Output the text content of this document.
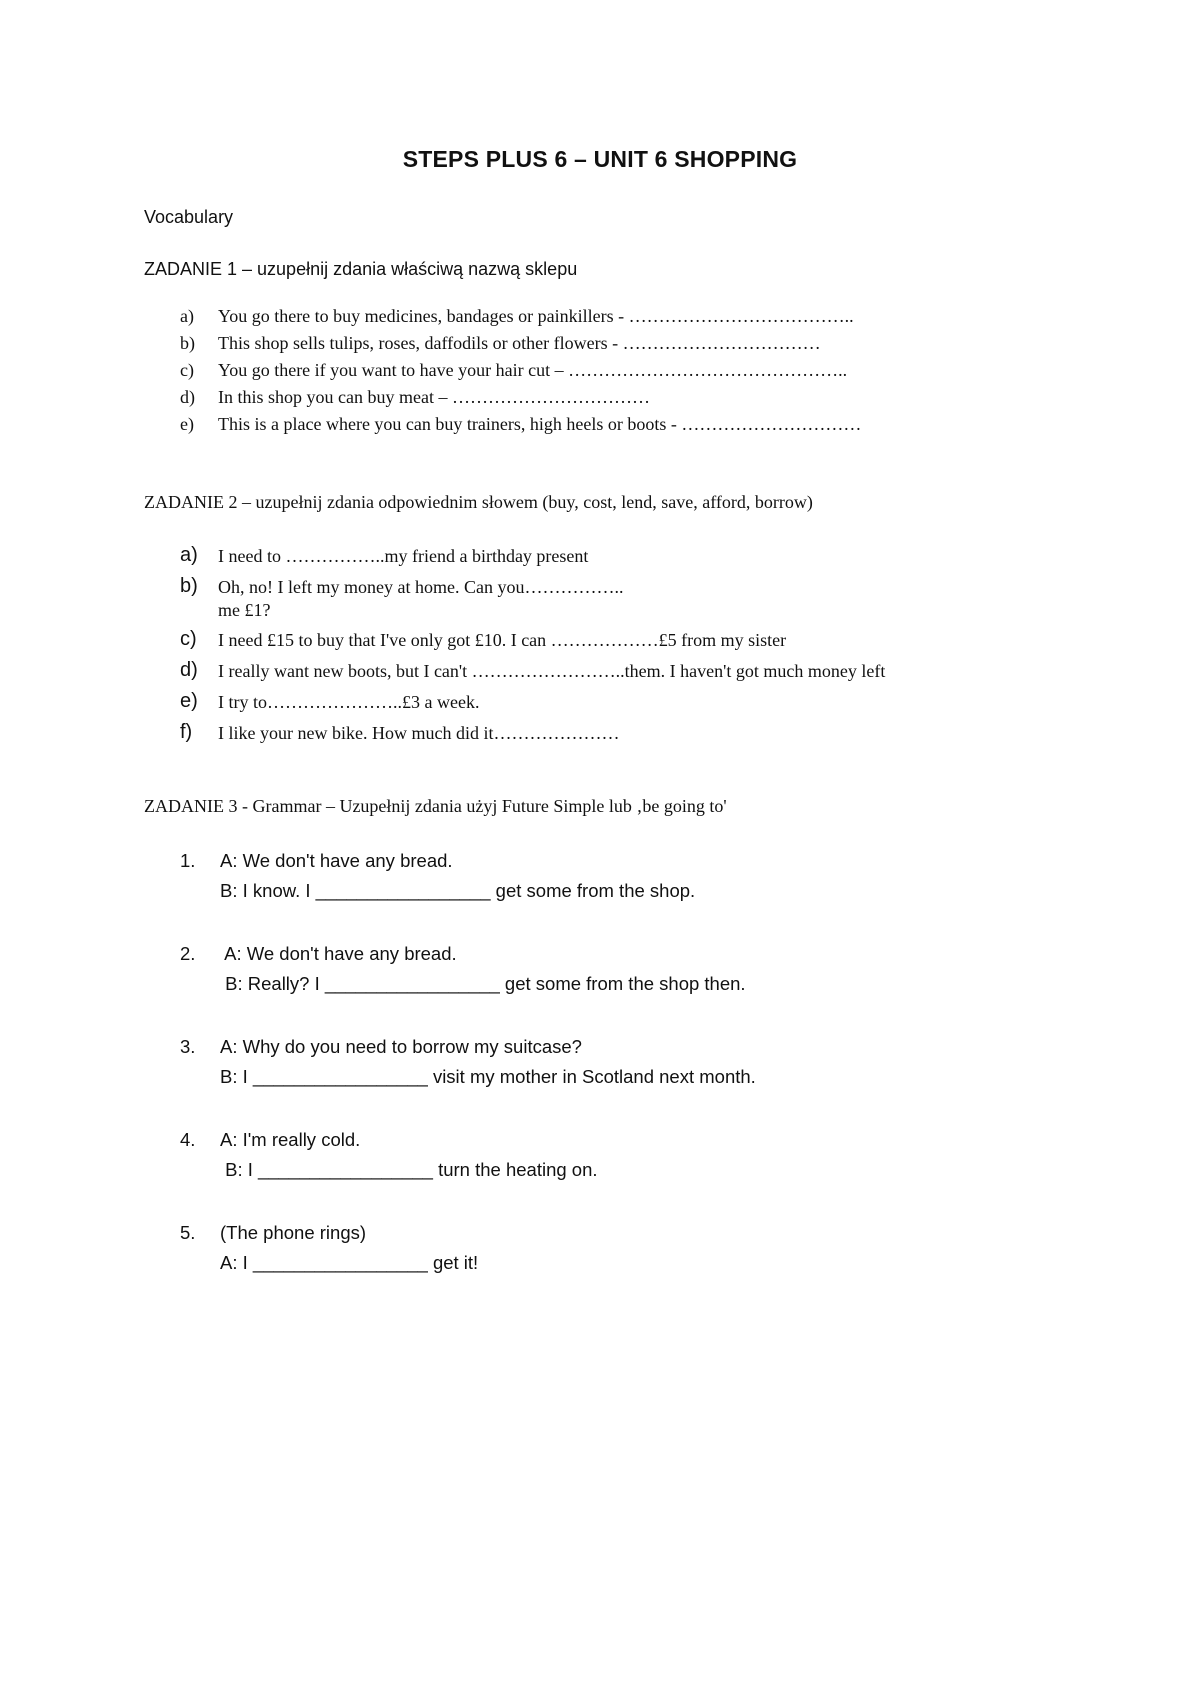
STEPS PLUS 6 – UNIT 6 SHOPPING
Vocabulary
ZADANIE 1 – uzupełnij zdania właściwą nazwą sklepu
a)	You go there to buy medicines, bandages or painkillers - ………………………………..
b)	This shop sells tulips, roses, daffodils or other flowers - ……………………………
c)	You go there if you want to have your hair cut – ………………………………………..
d)	In this shop you can buy meat – ……………………………
e)	This is a place where you can buy trainers, high heels or boots - …………………………
ZADANIE 2 – uzupełnij zdania odpowiednim słowem (buy, cost, lend, save, afford, borrow)
a)	I need to ……………..my friend a birthday present
b)	Oh, no! I left my money at home. Can you……………..
me £1?
c)	I need £15 to buy that I've only got £10. I can ………………£5 from my sister
d)	I really want new boots, but I can't ……………………..them. I haven't got much money left
e)	I try to…………………..£3 a week.
f)	I like your new bike. How much did it…………………
ZADANIE 3 - Grammar – Uzupełnij zdania użyj Future Simple lub ‚be going to'
1.	A: We don't have any bread.
B: I know. I _________________ get some from the shop.
2.	A: We don't have any bread.
B: Really? I _________________ get some from the shop then.
3.	A: Why do you need to borrow my suitcase?
B: I _________________ visit my mother in Scotland next month.
4.	A: I'm really cold.
B: I _________________ turn the heating on.
5.	(The phone rings)
A: I _________________ get it!
